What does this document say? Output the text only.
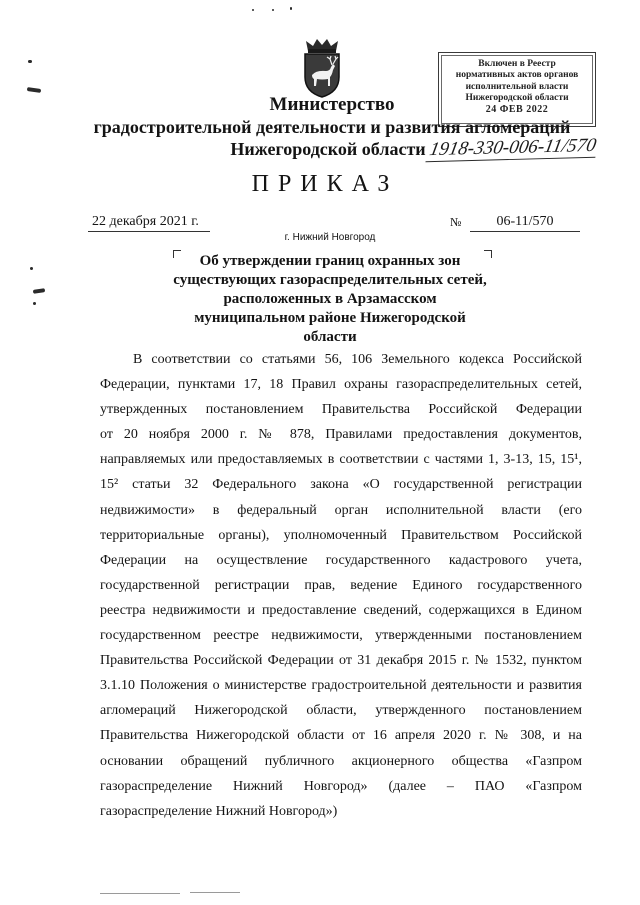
Включен в Реестр
нормативных актов органов
исполнительной власти
Нижегородской области
24 ФЕВ 2022
Министерство
градостроительной деятельности и развития агломераций
Нижегородской области 1918-330-006-11/570
ПРИКАЗ
22 декабря 2021 г.	№	06-11/570
г. Нижний Новгород
Об утверждении границ охранных зон
существующих газораспределительных сетей,
расположенных в Арзамасском
муниципальном районе Нижегородской
области
В соответствии со статьями 56, 106 Земельного кодекса Российской
Федерации, пунктами 17, 18 Правил охраны газораспределительных сетей,
утвержденных постановлением Правительства Российской Федерации
от 20 ноября 2000 г. № 878, Правилами предоставления документов,
направляемых или предоставляемых в соответствии с частями 1, 3-13, 15, 15¹,
15² статьи 32 Федерального закона «О государственной регистрации
недвижимости» в федеральный орган исполнительной власти (его
территориальные органы), уполномоченный Правительством Российской
Федерации на осуществление государственного кадастрового учета,
государственной регистрации прав, ведение Единого государственного
реестра недвижимости и предоставление сведений, содержащихся в Едином
государственном реестре недвижимости, утвержденными постановлением
Правительства Российской Федерации от 31 декабря 2015 г. № 1532, пунктом
3.1.10 Положения о министерстве градостроительной деятельности и развития
агломераций Нижегородской области, утвержденного постановлением
Правительства Нижегородской области от 16 апреля 2020 г. № 308, и на
основании обращений публичного акционерного общества «Газпром
газораспределение Нижний Новгород» (далее – ПАО «Газпром
газораспределение Нижний Новгород»)
